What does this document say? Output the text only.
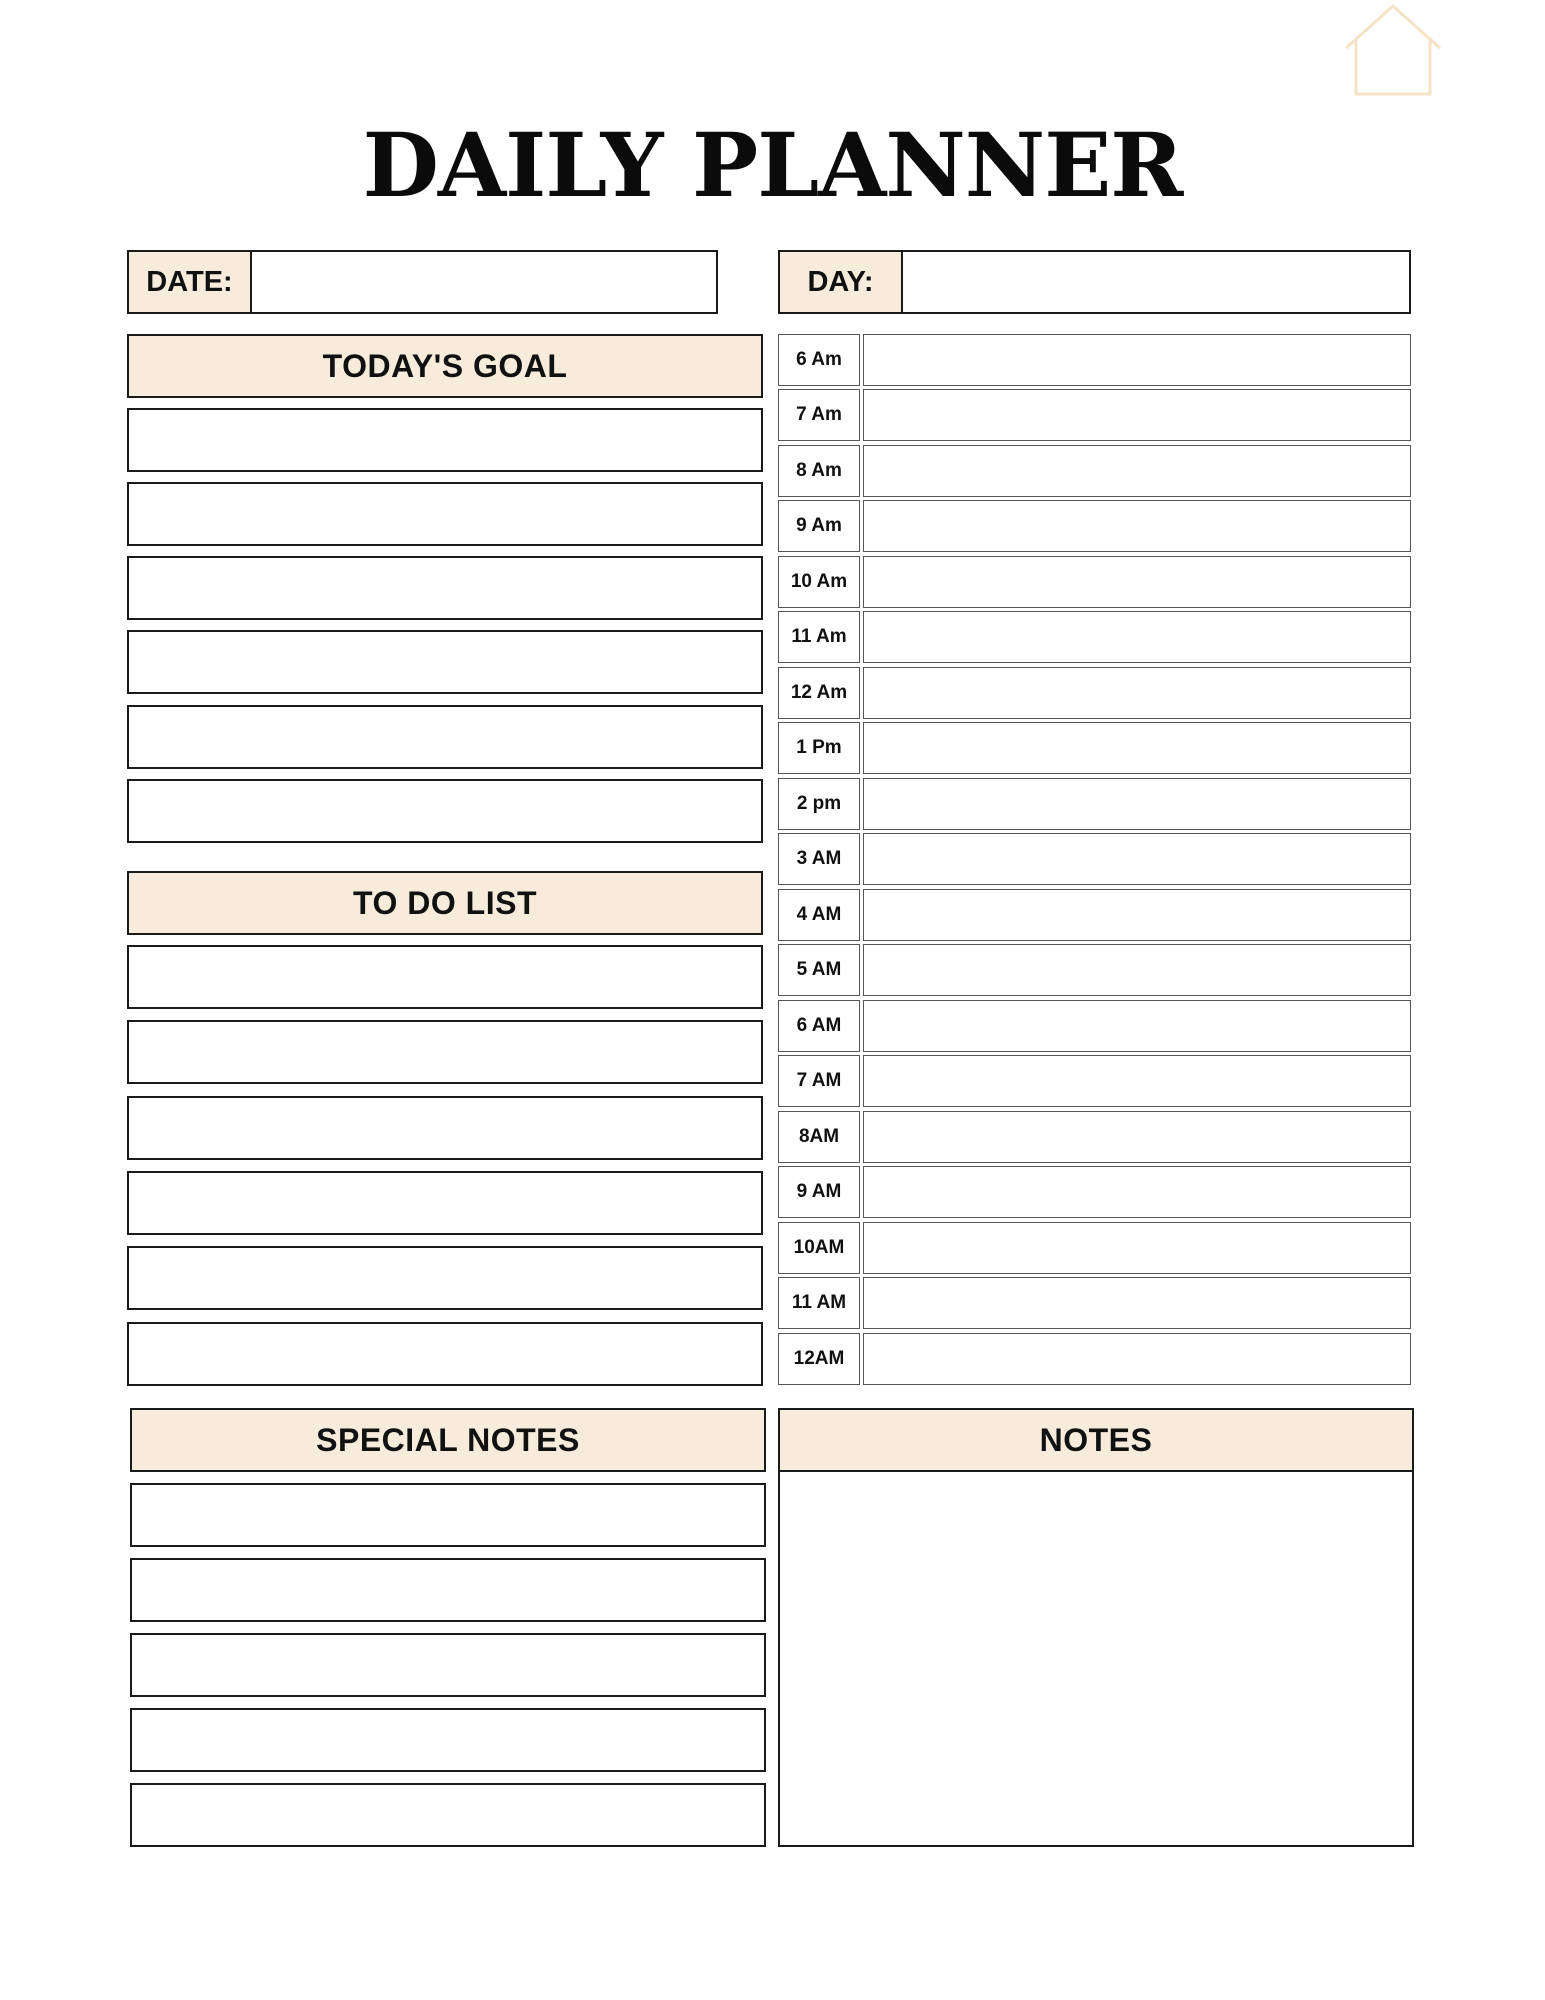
DAILY PLANNER
DATE:	DAY:
TODAY'S GOAL
TO DO LIST
6 Am
7 Am
8 Am
9 Am
10 Am
11 Am
12 Am
1 Pm
2 pm
3 AM
4 AM
5 AM
6 AM
7 AM
8AM
9 AM
10AM
11 AM
12AM
SPECIAL NOTES	NOTES
